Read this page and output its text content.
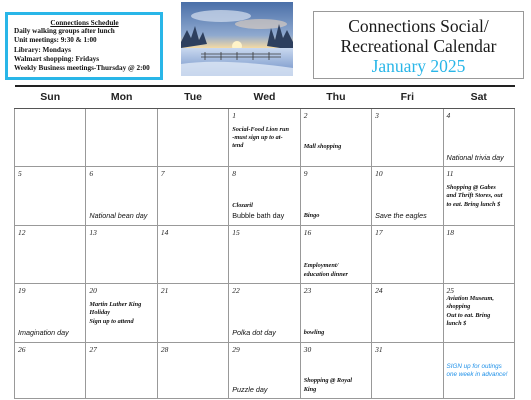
Connections Schedule
Daily walking groups after lunch
Unit meetings: 9:30 & 1:00
Library: Mondays
Walmart shopping: Fridays
Weekly Business meetings-Thursday @ 2:00
Connections Social/
Recreational Calendar
January 2025
Sun	Mon	Tue	Wed	Thu	Fri	Sat

			1
Social-Food Lion run
-must sign up to at-
tend	2
Mall shopping	3	4
National trivia day

5	6
National bean day	7	8
Clozaril
Bubble bath day	9
Bingo	10
Save the eagles	11
Shopping @ Gabes
and Thrift Stores, out
to eat. Bring lunch $

12	13	14	15	16
Employment/
education dinner	17	18

19
Imagination day	20
Martin Luther King
Holiday
Sign up to attend	21	22
Polka dot day	23
bowling	24	25
Aviation Museum,
shopping
Out to eat. Bring
lunch $

26	27	28	29
Puzzle day	30
Shopping @ Royal
King	31	SIGN up for outings
one week in advance!
